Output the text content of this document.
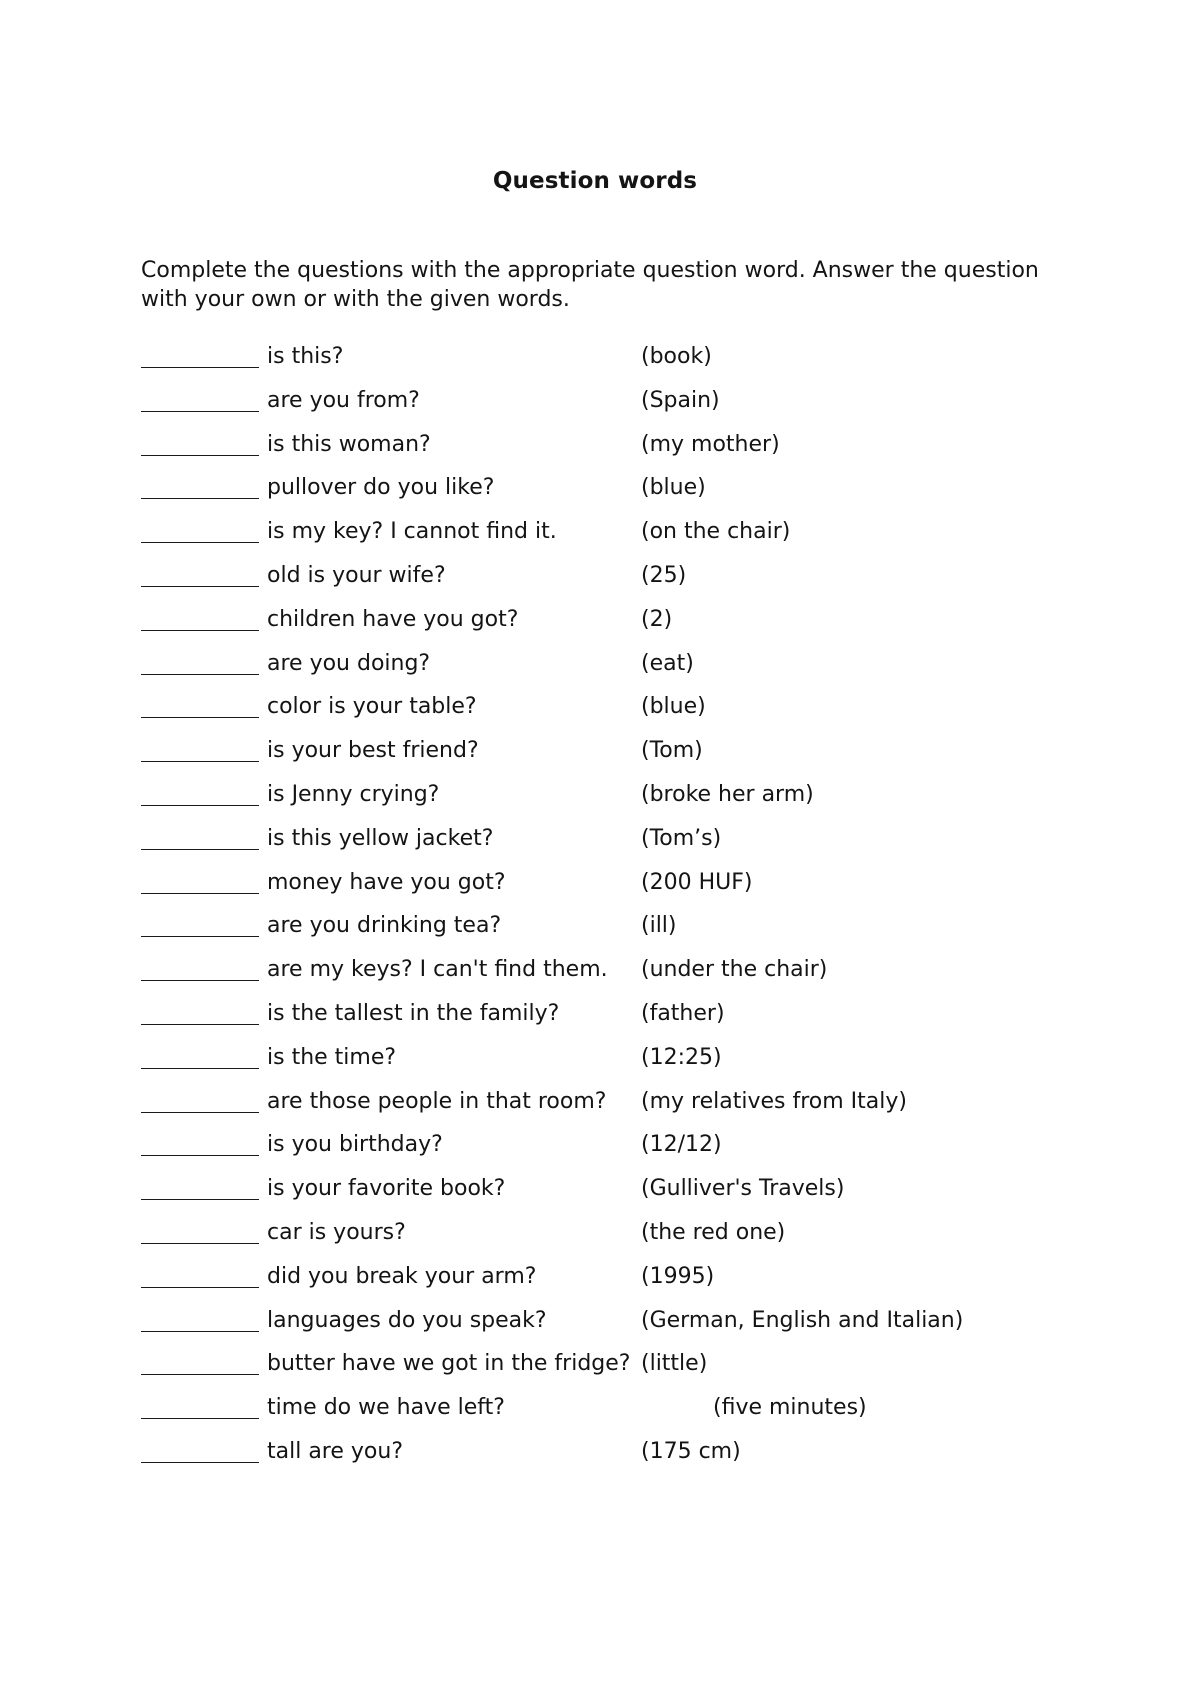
Question words
Complete the questions with the appropriate question word. Answer the question with your own or with the given words.
is this?	(book)
are you from?	(Spain)
is this woman?	(my mother)
pullover do you like?	(blue)
is my key? I cannot find it.	(on the chair)
old is your wife?	(25)
children have you got?	(2)
are you doing?	(eat)
color is your table?	(blue)
is your best friend?	(Tom)
is Jenny crying?	(broke her arm)
is this yellow jacket?	(Tom’s)
money have you got?	(200 HUF)
are you drinking tea?	(ill)
are my keys? I can't find them. (under the chair)
is the tallest in the family?	(father)
is the time?	(12:25)
are those people in that room? (my relatives from Italy)
is you birthday?	(12/12)
is your favorite book?	(Gulliver's Travels)
car is yours?	(the red one)
did you break your arm?	(1995)
languages do you speak?	(German, English and Italian)
butter have we got in the fridge? (little)
time do we have left?	(five minutes)
tall are you?	(175 cm)
